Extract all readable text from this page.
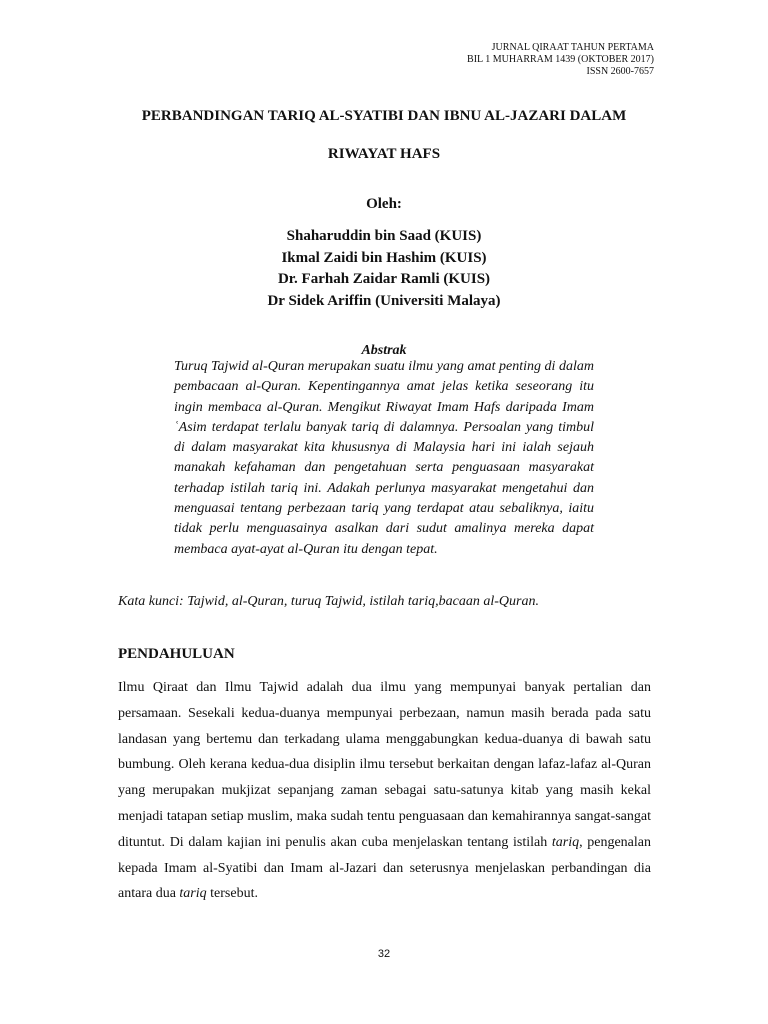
JURNAL QIRAAT TAHUN PERTAMA
BIL 1 MUHARRAM 1439 (OKTOBER 2017)
ISSN 2600-7657
PERBANDINGAN TARIQ AL-SYATIBI DAN IBNU AL-JAZARI DALAM
RIWAYAT HAFS
Oleh:
Shaharuddin bin Saad (KUIS)
Ikmal Zaidi bin Hashim (KUIS)
Dr. Farhah Zaidar Ramli (KUIS)
Dr Sidek Ariffin (Universiti Malaya)
Abstrak
Turuq Tajwid al-Quran merupakan suatu ilmu yang amat penting di dalam pembacaan al-Quran. Kepentingannya amat jelas ketika seseorang itu ingin membaca al-Quran. Mengikut Riwayat Imam Hafs daripada Imam ʿAsim terdapat terlalu banyak tariq di dalamnya. Persoalan yang timbul di dalam masyarakat kita khususnya di Malaysia hari ini ialah sejauh manakah kefahaman dan pengetahuan serta penguasaan masyarakat terhadap istilah tariq ini. Adakah perlunya masyarakat mengetahui dan menguasai tentang perbezaan tariq yang terdapat atau sebaliknya, iaitu tidak perlu menguasainya asalkan dari sudut amalinya mereka dapat membaca ayat-ayat al-Quran itu dengan tepat.
Kata kunci: Tajwid, al-Quran, turuq Tajwid, istilah tariq,bacaan al-Quran.
PENDAHULUAN
Ilmu Qiraat dan Ilmu Tajwid adalah dua ilmu yang mempunyai banyak pertalian dan persamaan. Sesekali kedua-duanya mempunyai perbezaan, namun masih berada pada satu landasan yang bertemu dan terkadang ulama menggabungkan kedua-duanya di bawah satu bumbung. Oleh kerana kedua-dua disiplin ilmu tersebut berkaitan dengan lafaz-lafaz al-Quran yang merupakan mukjizat sepanjang zaman sebagai satu-satunya kitab yang masih kekal menjadi tatapan setiap muslim, maka sudah tentu penguasaan dan kemahirannya sangat-sangat dituntut. Di dalam kajian ini penulis akan cuba menjelaskan tentang istilah tariq, pengenalan kepada Imam al-Syatibi dan Imam al-Jazari dan seterusnya menjelaskan perbandingan dia antara dua tariq tersebut.
32
